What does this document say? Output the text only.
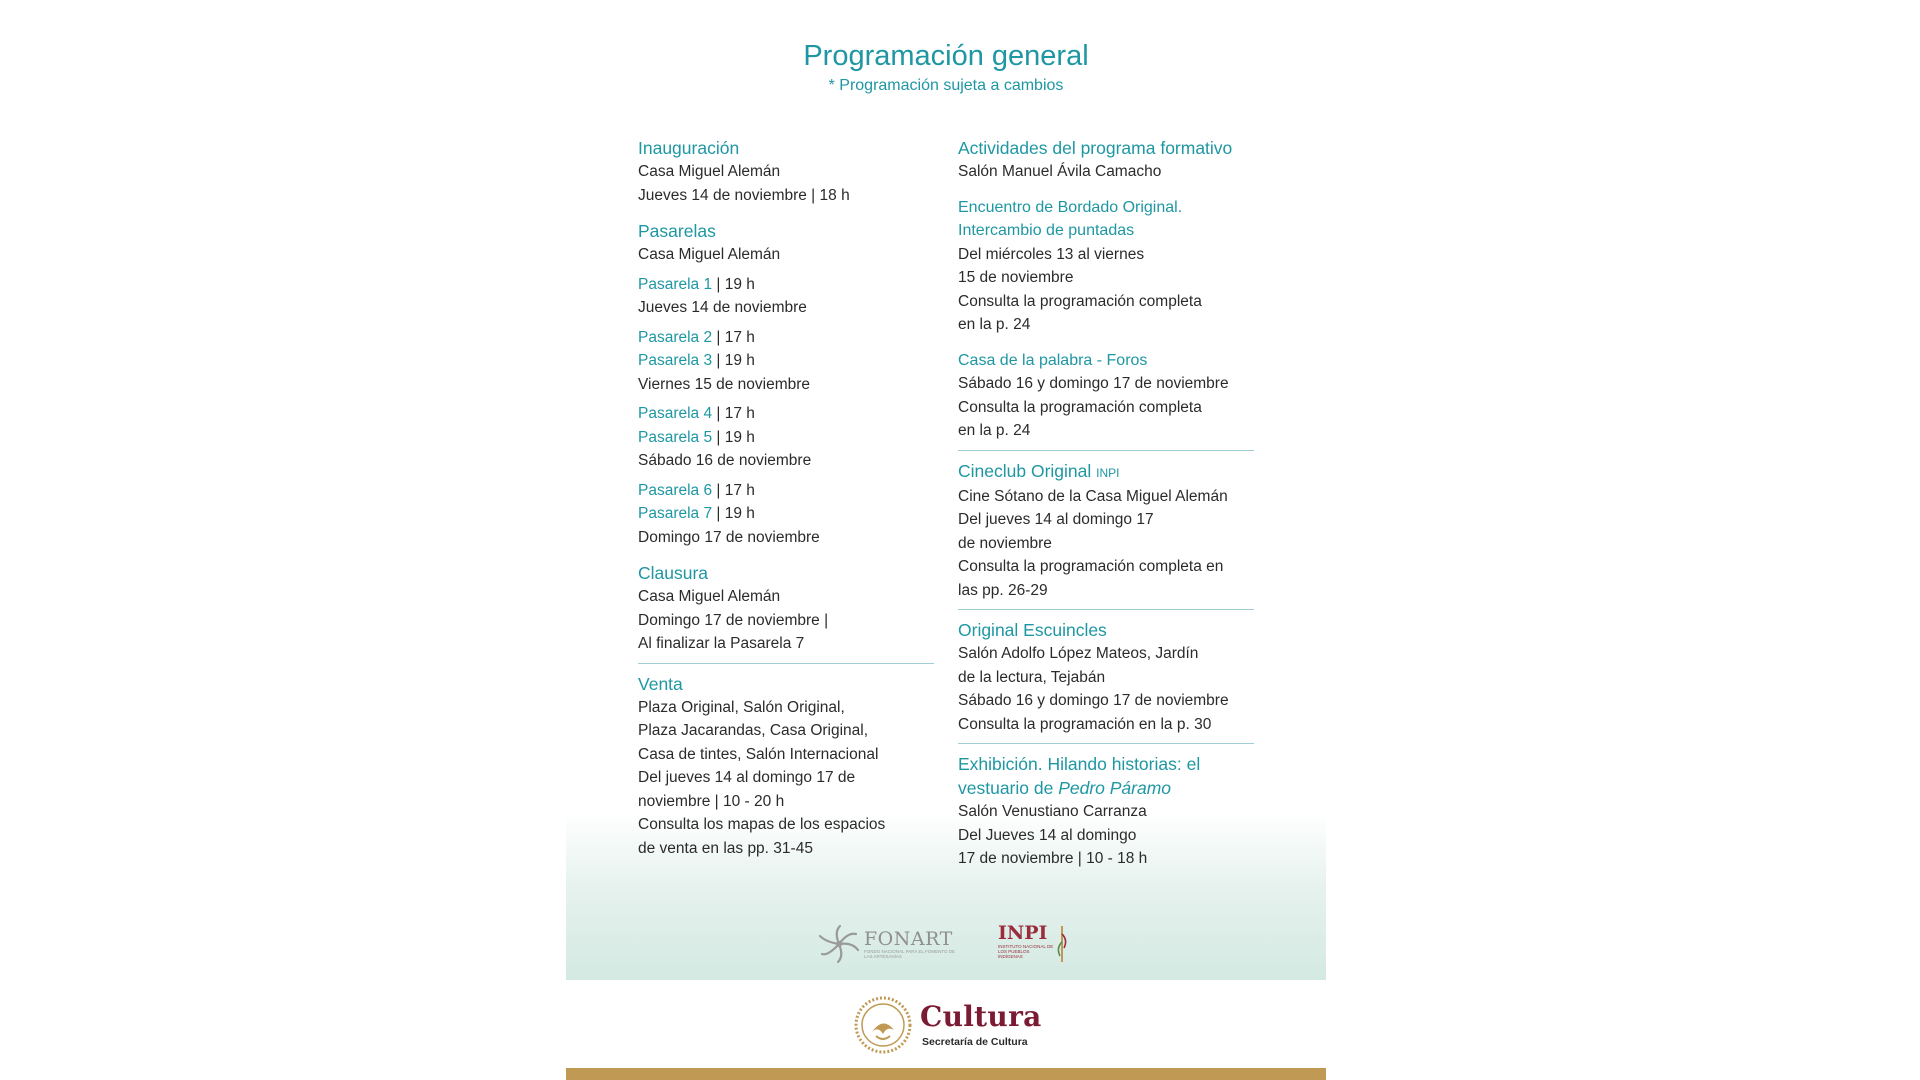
Programación general
* Programación sujeta a cambios

Inauguración

Casa Miguel Alemán

Jueves 14 de noviembre | 18 h

Pasarelas

Casa Miguel Alemán

Pasarela 1 | 19 h

Jueves 14 de noviembre

Pasarela 2 | 17 h

Pasarela 3 | 19 h

Viernes 15 de noviembre

Pasarela 4 | 17 h

Pasarela 5 | 19 h

Sábado 16 de noviembre

Pasarela 6 | 17 h

Pasarela 7 | 19 h

Domingo 17 de noviembre

Clausura

Casa Miguel Alemán

Domingo 17 de noviembre |

Al finalizar la Pasarela 7

Venta

Plaza Original, Salón Original,

Plaza Jacarandas, Casa Original,

Casa de tintes, Salón Internacional

Del jueves 14 al domingo 17 de

noviembre | 10 - 20 h

Consulta los mapas de los espacios

de venta en las pp. 31-45

Actividades del programa formativo

Salón Manuel Ávila Camacho

Encuentro de Bordado Original.

Intercambio de puntadas

Del miércoles 13 al viernes

15 de noviembre

Consulta la programación completa

en la p. 24

Casa de la palabra - Foros

Sábado 16 y domingo 17 de noviembre

Consulta la programación completa

en la p. 24

Cineclub Original INPI

Cine Sótano de la Casa Miguel Alemán

Del jueves 14 al domingo 17

de noviembre

Consulta la programación completa en

las pp. 26-29

Original Escuincles

Salón Adolfo López Mateos, Jardín

de la lectura, Tejabán

Sábado 16 y domingo 17 de noviembre

Consulta la programación en la p. 30

Exhibición. Hilando historias: el

vestuario de Pedro Páramo

Salón Venustiano Carranza

Del Jueves 14 al domingo

17 de noviembre | 10 - 18 h

FONART
FONDO NACIONAL PARA EL FOMENTO DE LAS ARTESANÍAS
INPI
INSTITUTO NACIONAL DE LOS PUEBLOS INDÍGENAS
Cultura
Secretaría de Cultura
